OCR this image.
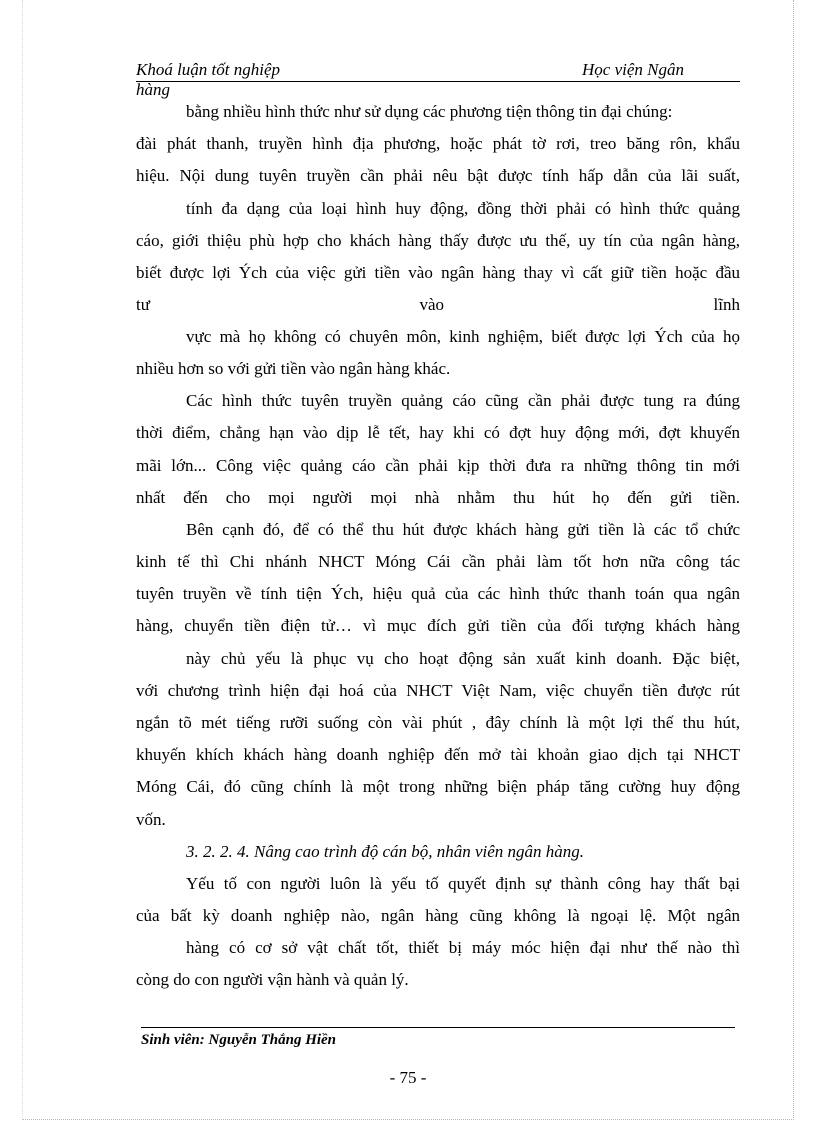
Khoá luận tốt nghiệp	Học viện Ngân
hàng
bằng nhiều hình thức như sử dụng các phương tiện thông tin đại chúng:
đài phát thanh, truyền hình địa phương, hoặc phát tờ rơi, treo băng rôn, khẩu
hiệu. Nội dung tuyên truyền cần phải nêu bật được tính hấp dẫn của lãi suất,
tính đa dạng của loại hình huy động, đồng thời phải có hình thức quảng
cáo, giới thiệu phù hợp cho khách hàng thấy được ưu thế, uy tín của ngân hàng,
biết được lợi Ých của việc gửi tiền vào ngân hàng thay vì cất giữ tiền hoặc đầu
tư vào lĩnh
vực mà họ không có chuyên môn, kinh nghiệm, biết được lợi Ých của họ
nhiều hơn so với gửi tiền vào ngân hàng khác.
Các hình thức tuyên truyền quảng cáo cũng cần phải được tung ra đúng
thời điểm, chẳng hạn vào dịp lễ tết, hay khi có đợt huy động mới, đợt khuyến
mãi lớn... Công việc quảng cáo cần phải kịp thời đưa ra những thông tin mới
nhất đến cho mọi người mọi nhà nhằm thu hút họ đến gửi tiền.
Bên cạnh đó, để có thể thu hút được khách hàng gửi tiền là các tổ chức
kinh tế thì Chi nhánh NHCT Móng Cái cần phải làm tốt hơn nữa công tác
tuyên truyền về tính tiện Ých, hiệu quả của các hình thức thanh toán qua ngân
hàng, chuyển tiền điện tử… vì mục đích gửi tiền của đối tượng khách hàng
này chủ yếu là phục vụ cho hoạt động sản xuất kinh doanh. Đặc biệt,
với chương trình hiện đại hoá của NHCT Việt Nam, việc chuyển tiền được rút
ngắn tõ mét tiếng rưỡi suống còn vài phút , đây chính là một lợi thế thu hút,
khuyến khích khách hàng doanh nghiệp đến mở tài khoản giao dịch tại NHCT
Móng Cái, đó cũng chính là một trong những biện pháp tăng cường huy động
vốn.
3. 2. 2. 4. Nâng cao trình độ cán bộ, nhân viên ngân hàng.
Yếu tố con người luôn là yếu tố quyết định sự thành công hay thất bại
của bất kỳ doanh nghiệp nào, ngân hàng cũng không là ngoại lệ. Một ngân
hàng có cơ sở vật chất tốt, thiết bị máy móc hiện đại như thế nào thì
còng do con người vận hành và quản lý.
Sinh viên: Nguyễn Thắng Hiền
- 75 -
